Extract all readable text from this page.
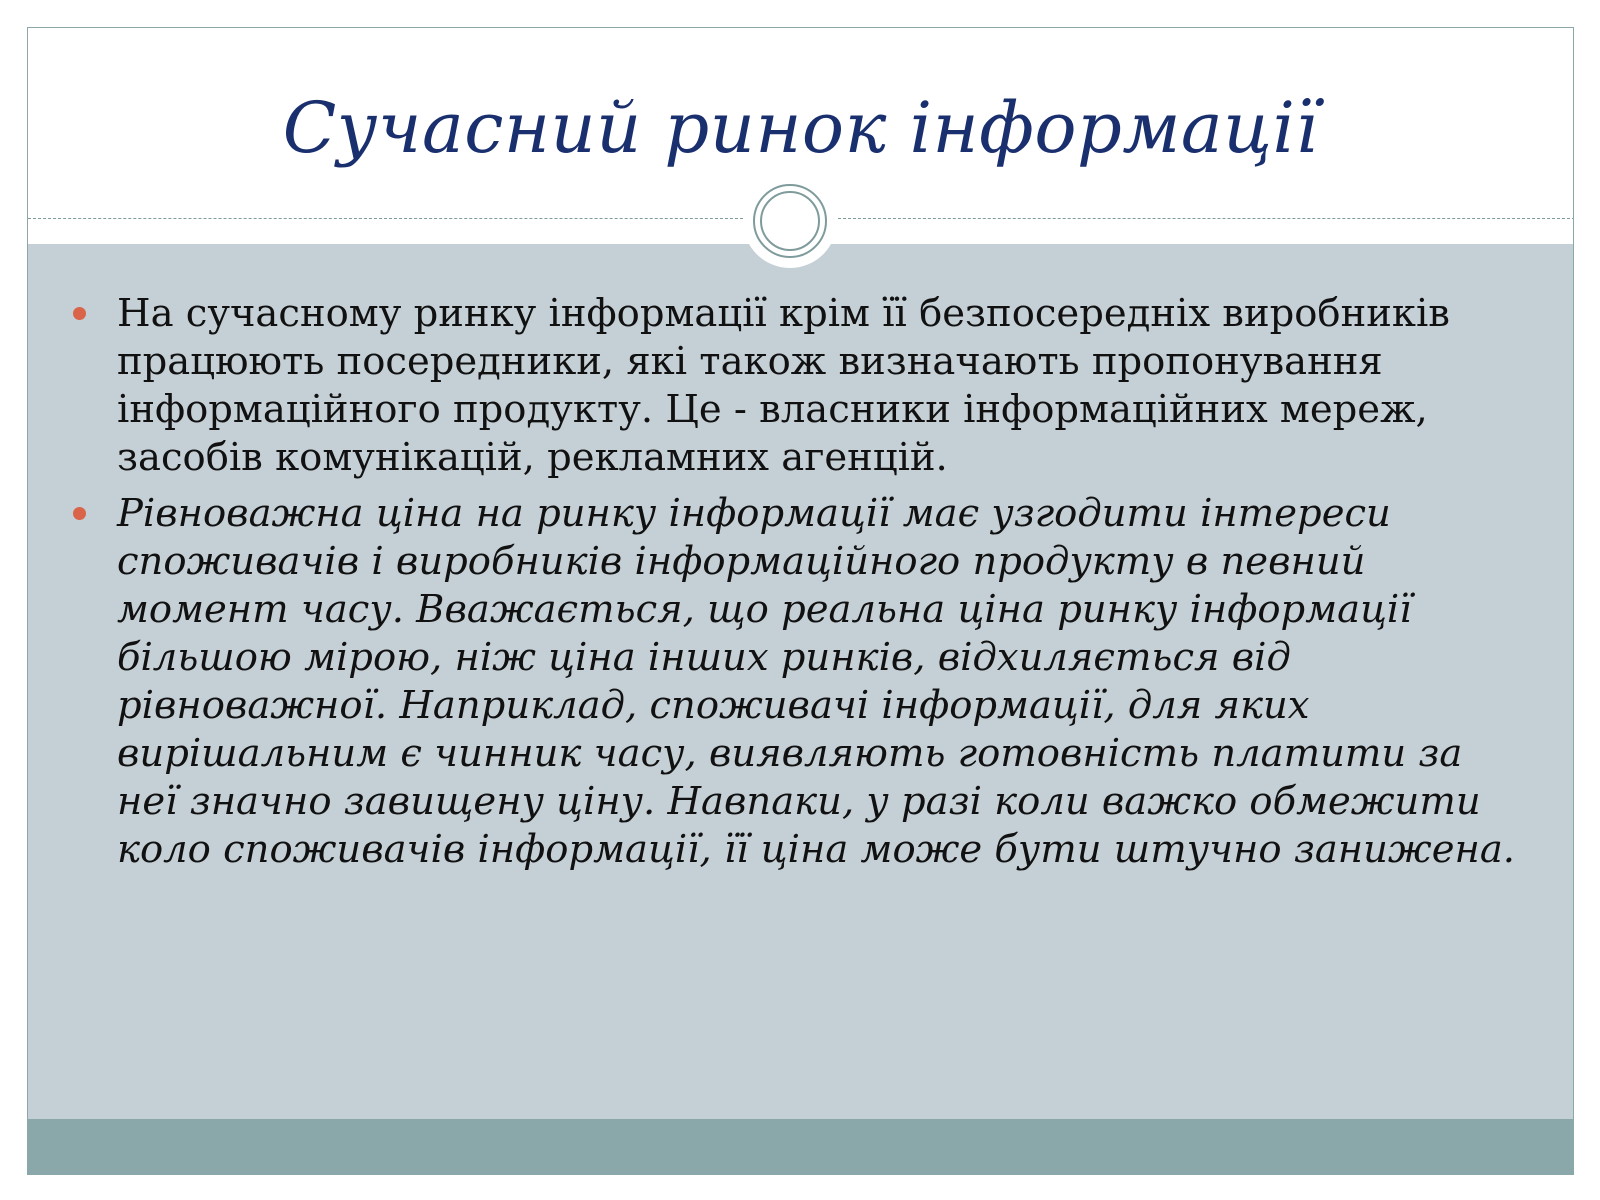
Сучасний ринок інформації
На сучасному ринку інформації крім її безпосередніх виробників працюють посередники, які також визначають пропонування інформаційного продукту. Це - власники інформаційних мереж, засобів комунікацій, рекламних агенцій.
Рівноважна ціна на ринку інформації має узгодити інтереси споживачів і виробників інформаційного продукту в певний момент часу. Вважається, що реальна ціна ринку інформації більшою мірою, ніж ціна інших ринків, відхиляється від рівноважної. Наприклад, споживачі інформації, для яких вирішальним є чинник часу, виявляють готовність платити за неї значно завищену ціну. Навпаки, у разі коли важко обмежити коло споживачів інформації, її ціна може бути штучно занижена.
